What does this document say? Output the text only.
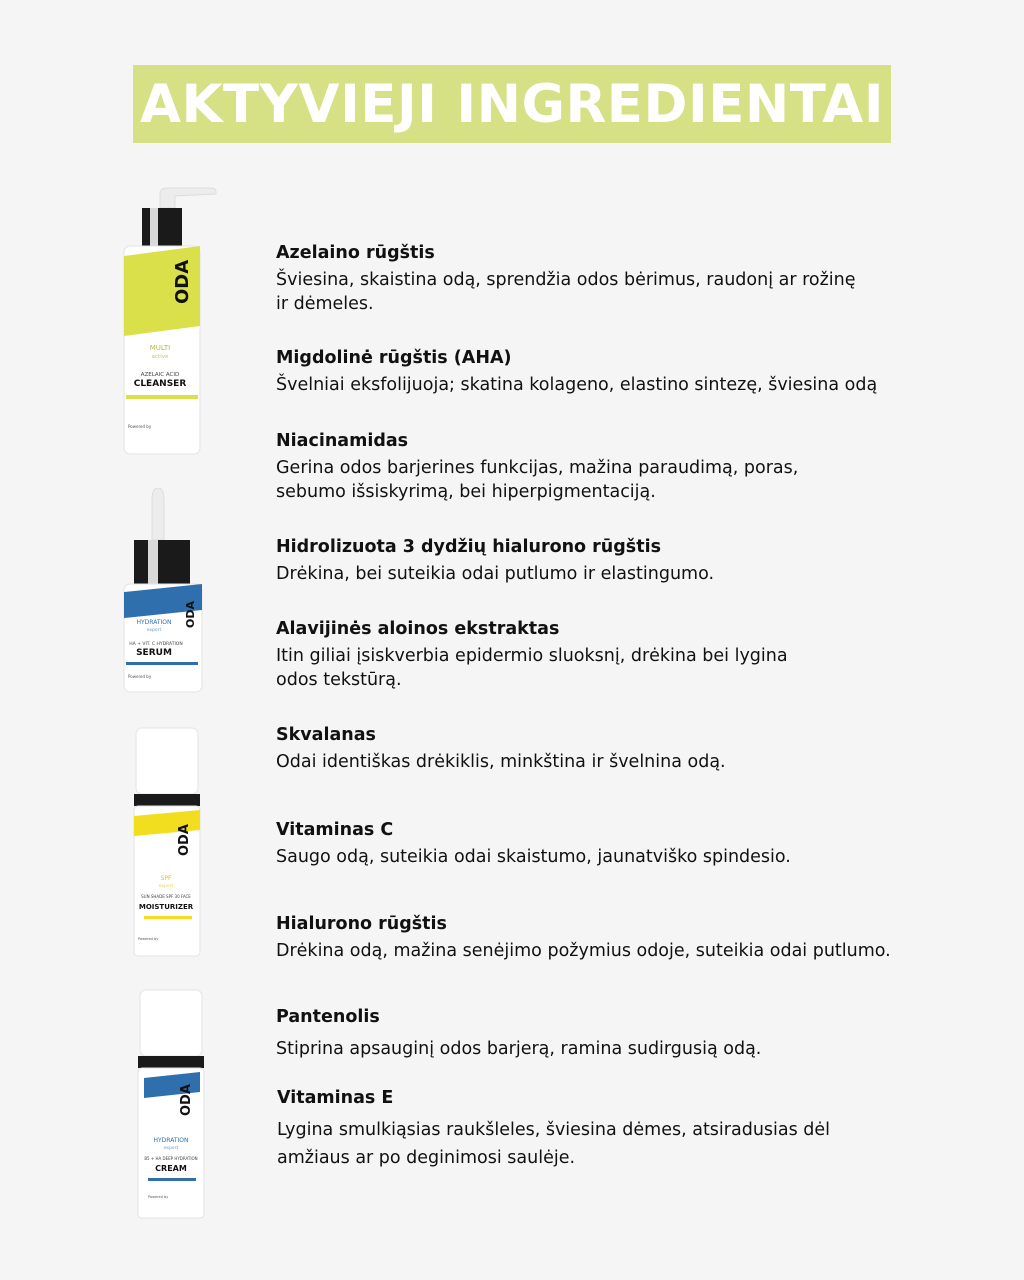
AKTYVIEJI INGREDIENTAI
ODA
MULTI
active
AZELAIC ACID
CLEANSER
Powered by
ODA
HYDRATION
expert
HA + VIT. C HYDRATION
SERUM
Powered by
ODA
SPF
expert
SUN SHADE SPF 30 FACE
MOISTURIZER
Powered by
ODA
HYDRATION
expert
B5 + HA DEEP HYDRATION
CREAM
Powered by
Azelaino rūgštis
Šviesina, skaistina odą, sprendžia odos bėrimus, raudonį ar rožinę
ir dėmeles.
Migdolinė rūgštis (AHA)
Švelniai eksfolijuoja; skatina kolageno, elastino sintezę, šviesina odą
Niacinamidas
Gerina odos barjerines funkcijas, mažina paraudimą, poras,
sebumo išsiskyrimą, bei hiperpigmentaciją.
Hidrolizuota 3 dydžių hialurono rūgštis
Drėkina, bei suteikia odai putlumo ir elastingumo.
Alavijinės aloinos ekstraktas
Itin giliai įsiskverbia epidermio sluoksnį, drėkina bei lygina
odos tekstūrą.
Skvalanas
Odai identiškas drėkiklis, minkština ir švelnina odą.
Vitaminas C
Saugo odą, suteikia odai skaistumo, jaunatviško spindesio.
Hialurono rūgštis
Drėkina odą, mažina senėjimo požymius odoje, suteikia odai putlumo.
Pantenolis
Stiprina apsauginį odos barjerą, ramina sudirgusią odą.
Vitaminas E
Lygina smulkiąsias raukšleles, šviesina dėmes, atsiradusias dėl
amžiaus ar po deginimosi saulėje.
